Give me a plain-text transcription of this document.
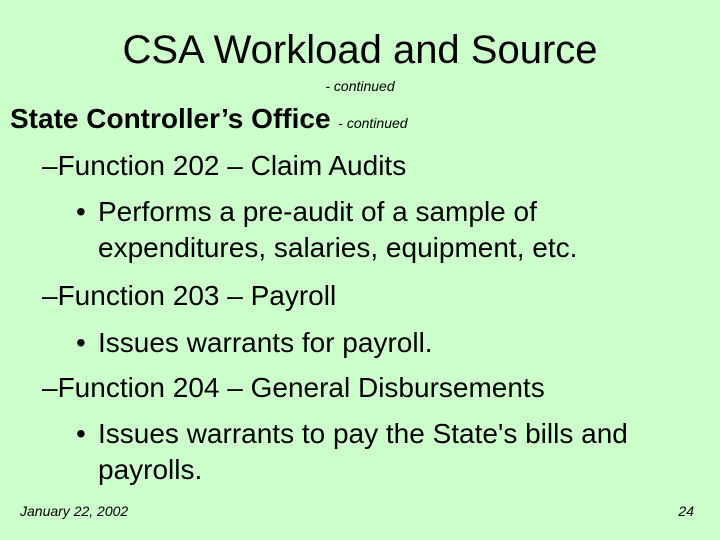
CSA Workload and Source
- continued
State Controller’s Office - continued
–Function 202 – Claim Audits
• Performs a pre-audit of a sample of
expenditures, salaries, equipment, etc.
–Function 203 – Payroll
• Issues warrants for payroll.
–Function 204 – General Disbursements
• Issues warrants to pay the State's bills and
payrolls.
January 22, 2002	24
